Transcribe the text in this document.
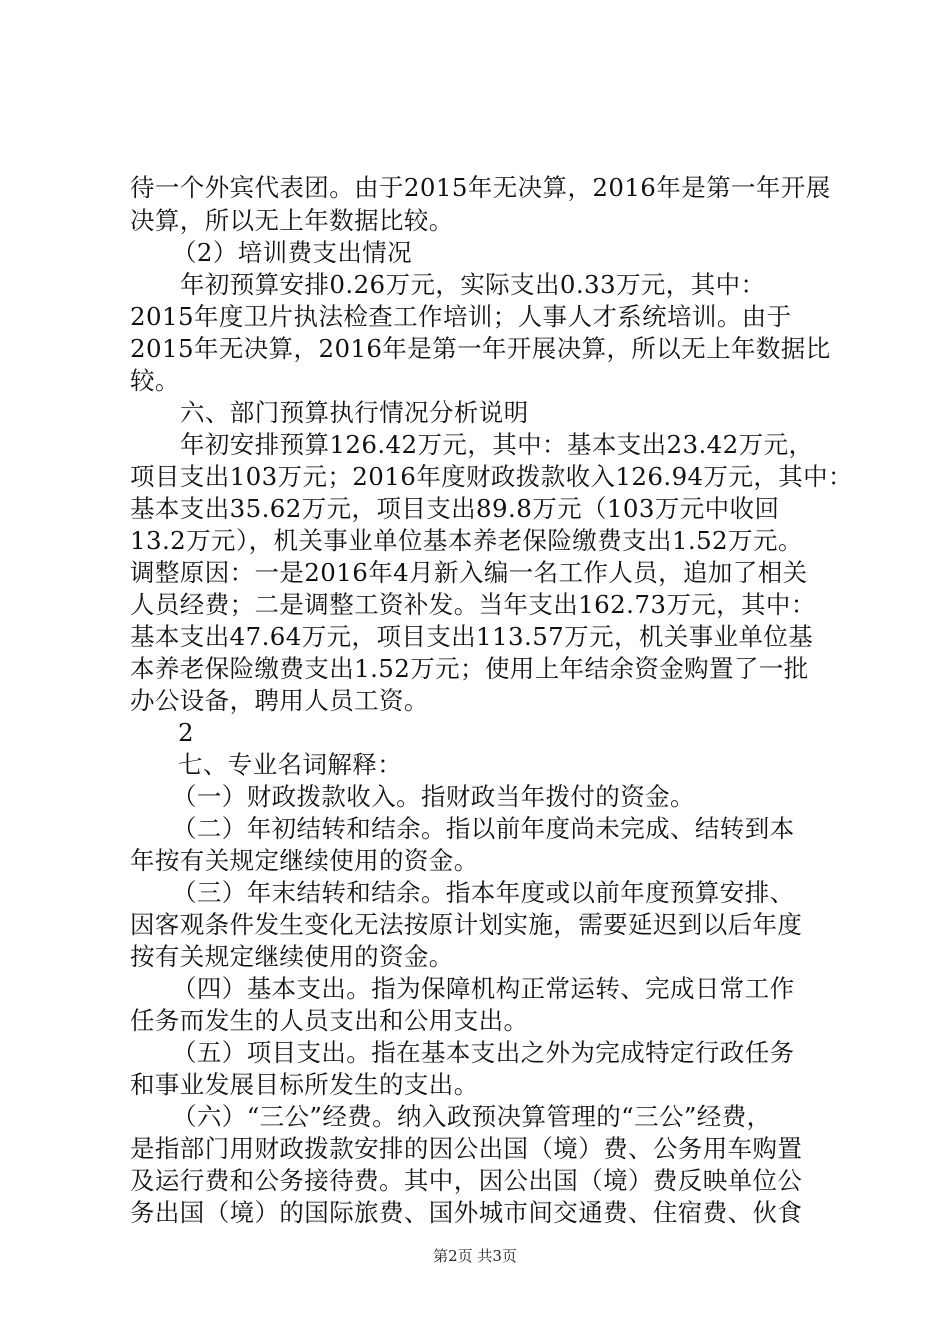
待一个外宾代表团。由于2015年无决算，2016年是第一年开展
决算，所以无上年数据比较。
（2）培训费支出情况
年初预算安排0.26万元，实际支出0.33万元，其中：
2015年度卫片执法检查工作培训；人事人才系统培训。由于
2015年无决算，2016年是第一年开展决算，所以无上年数据比
较。
六、部门预算执行情况分析说明
年初安排预算126.42万元，其中：基本支出23.42万元，
项目支出103万元；2016年度财政拨款收入126.94万元，其中：
基本支出35.62万元，项目支出89.8万元（103万元中收回
13.2万元），机关事业单位基本养老保险缴费支出1.52万元。
调整原因：一是2016年4月新入编一名工作人员，追加了相关
人员经费；二是调整工资补发。当年支出162.73万元，其中：
基本支出47.64万元，项目支出113.57万元，机关事业单位基
本养老保险缴费支出1.52万元；使用上年结余资金购置了一批
办公设备，聘用人员工资。
2
七、专业名词解释：
（一）财政拨款收入。指财政当年拨付的资金。
（二）年初结转和结余。指以前年度尚未完成、结转到本
年按有关规定继续使用的资金。
（三）年末结转和结余。指本年度或以前年度预算安排、
因客观条件发生变化无法按原计划实施，需要延迟到以后年度
按有关规定继续使用的资金。
（四）基本支出。指为保障机构正常运转、完成日常工作
任务而发生的人员支出和公用支出。
（五）项目支出。指在基本支出之外为完成特定行政任务
和事业发展目标所发生的支出。
（六）“三公”经费。纳入政预决算管理的“三公”经费，
是指部门用财政拨款安排的因公出国（境）费、公务用车购置
及运行费和公务接待费。其中，因公出国（境）费反映单位公
务出国（境）的国际旅费、国外城市间交通费、住宿费、伙食
第2页 共3页
